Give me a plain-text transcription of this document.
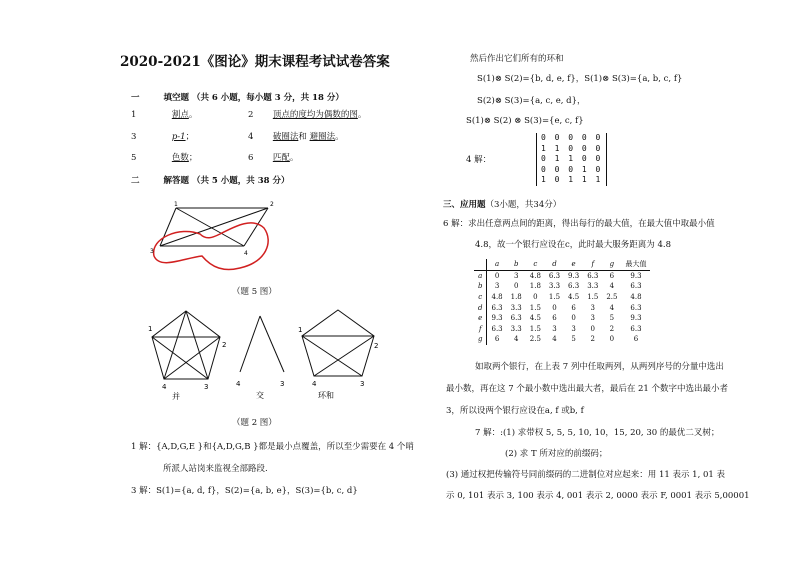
2020-2021《图论》期末课程考试试卷答案
一	填空题 （共 6 小题，每小题 3 分，共 18 分）
1	割点。	2 顶点的度均为偶数的图。
3	p-1；	4 破圈法和 避圈法。
5	色数；	6 匹配。
二	解答题 （共 5 小题，共 38 分）
1	2
3	4
（题 5 图）
1
2
3
4
并
4	3
交
1
2
4	3
环和
（题 2 图）
1 解：{A,D,G,E }和{A,D,G,B }都是最小点覆盖，所以至少需要在 4 个哨
所派人站岗来监视全部路段.
3 解：S(1)={a, d, f}，S(2)={a, b, e}，S(3)={b, c, d}
然后作出它们所有的环和
S(1)⊗ S(2)={b, d, e, f}，S(1)⊗ S(3)={a, b, c, f}
S(2)⊗ S(3)={a, c, e, d}，
S(1)⊗ S(2) ⊗ S(3)={e, c, f}
4 解：
0 0 0 0 0
1 1 0 0 0
0 1 1 0 0
0 0 0 1 0
1 0 1 1 1
三、应用题（3小题，共34分）
6 解：求出任意两点间的距离，得出每行的最大值，在最大值中取最小值
4.8，故一个银行应设在c，此时最大服务距离为 4.8
	a	b	c	d	e	f	g	最大值
a	0	3	4.8	6.3	9.3	6.3	6	9.3
b	3	0	1.8	3.3	6.3	3.3	4	6.3
c	4.8	1.8	0	1.5	4.5	1.5	2.5	4.8
d	6.3	3.3	1.5	0	6	3	4	6.3
e	9.3	6.3	4.5	6	0	3	5	9.3
f	6.3	3.3	1.5	3	3	0	2	6.3
g	6	4	2.5	4	5	2	0	6
如取两个银行，在上表 7 列中任取两列，从两列序号的分量中选出
最小数，再在这 7 个最小数中选出最大者，最后在 21 个数字中选出最小者
3，所以设两个银行应设在a, f 或b, f
7 解：:(1) 求带权 5, 5, 5, 10, 10，15, 20, 30 的最优二叉树；
(2) 求 T 所对应的前缀码；
(3) 通过权把传输符号同前缀码的二进制位对应起来：用 11 表示 1, 01 表
示 0, 101 表示 3, 100 表示 4, 001 表示 2, 0000 表示 F, 0001 表示 5,00001
